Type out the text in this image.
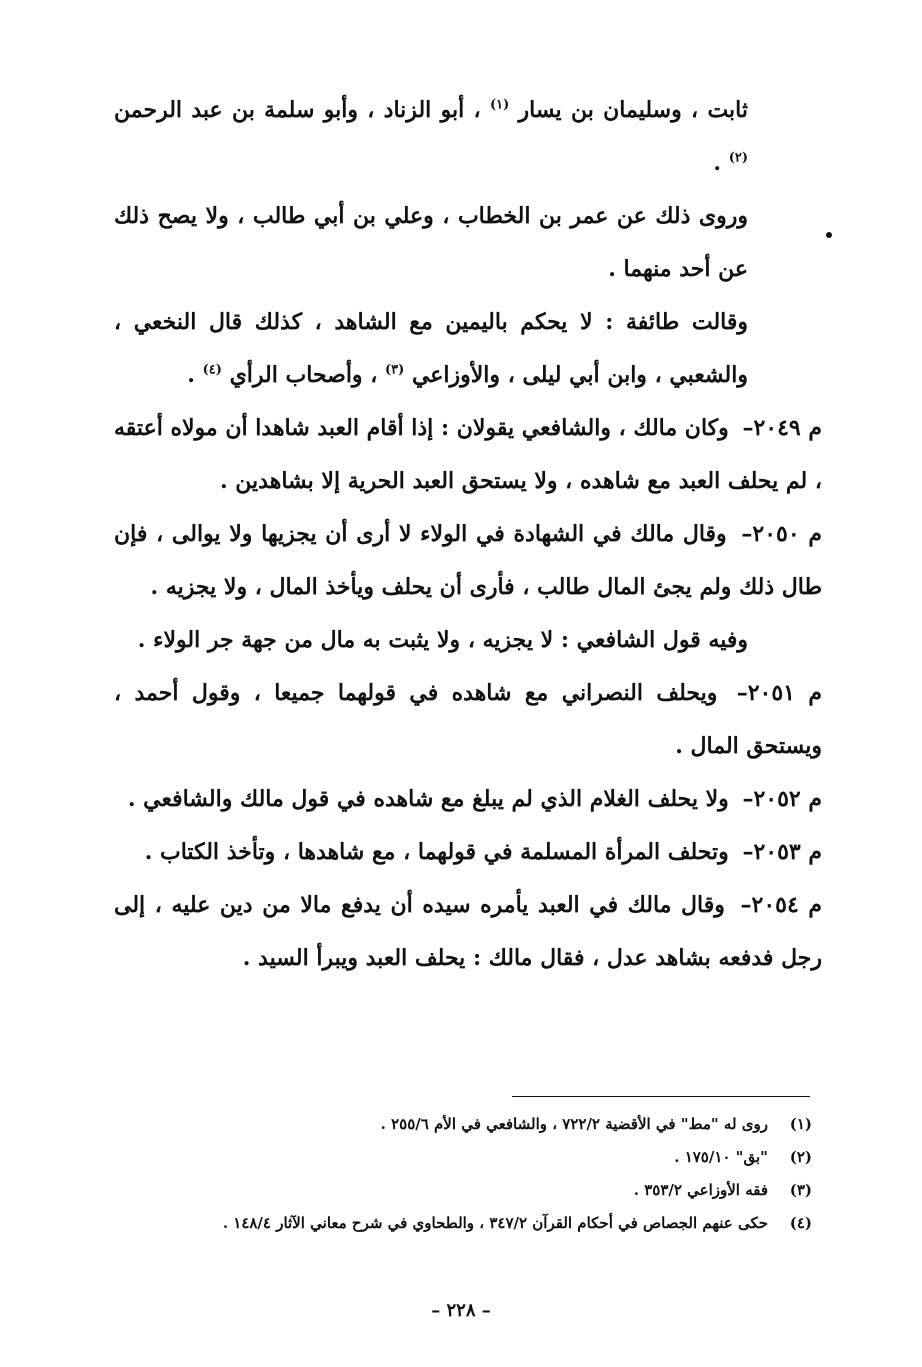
ثابت ، وسليمان بن يسار $^{(١)}$ ، أبو الزناد ، وأبو سلمة بن عبد الرحمن $^{(٢)}$ .

وروى ذلك عن عمر بن الخطاب ، وعلي بن أبي طالب ، ولا يصح ذلك عن أحد منهما .

وقالت طائفة : لا يحكم باليمين مع الشاهد ، كذلك قال النخعي ، والشعبي ، وابن أبي ليلى ، والأوزاعي $^{(٣)}$ ، وأصحاب الرأي $^{(٤)}$ .

م ٢٠٤٩– وكان مالك ، والشافعي يقولان : إذا أقام العبد شاهدا أن مولاه أعتقه ، لم يحلف العبد مع شاهده ، ولا يستحق العبد الحرية إلا بشاهدين .

م ٢٠٥٠– وقال مالك في الشهادة في الولاء لا أرى أن يجزيها ولا يوالى ، فإن طال ذلك ولم يجئ المال طالب ، فأرى أن يحلف ويأخذ المال ، ولا يجزيه .

وفيه قول الشافعي : لا يجزيه ، ولا يثبت به مال من جهة جر الولاء .

م ٢٠٥١– ويحلف النصراني مع شاهده في قولهما جميعا ، وقول أحمد ، ويستحق المال .

م ٢٠٥٢– ولا يحلف الغلام الذي لم يبلغ مع شاهده في قول مالك والشافعي .

م ٢٠٥٣– وتحلف المرأة المسلمة في قولهما ، مع شاهدها ، وتأخذ الكتاب .

م ٢٠٥٤– وقال مالك في العبد يأمره سيده أن يدفع مالا من دين عليه ، إلى رجل فدفعه بشاهد عدل ، فقال مالك : يحلف العبد ويبرأ السيد .

(١)
روى له "مط" في الأقضية ٧٢٢/٢ ، والشافعي في الأم ٢٥٥/٦ .
(٢)
"بق" ١٧٥/١٠ .
(٣)
فقه الأوزاعي ٣٥٣/٢ .
(٤)
حكى عنهم الجصاص في أحكام القرآن ٣٤٧/٢ ، والطحاوي في شرح معاني الآثار ١٤٨/٤ .
– ٢٢٨ –
